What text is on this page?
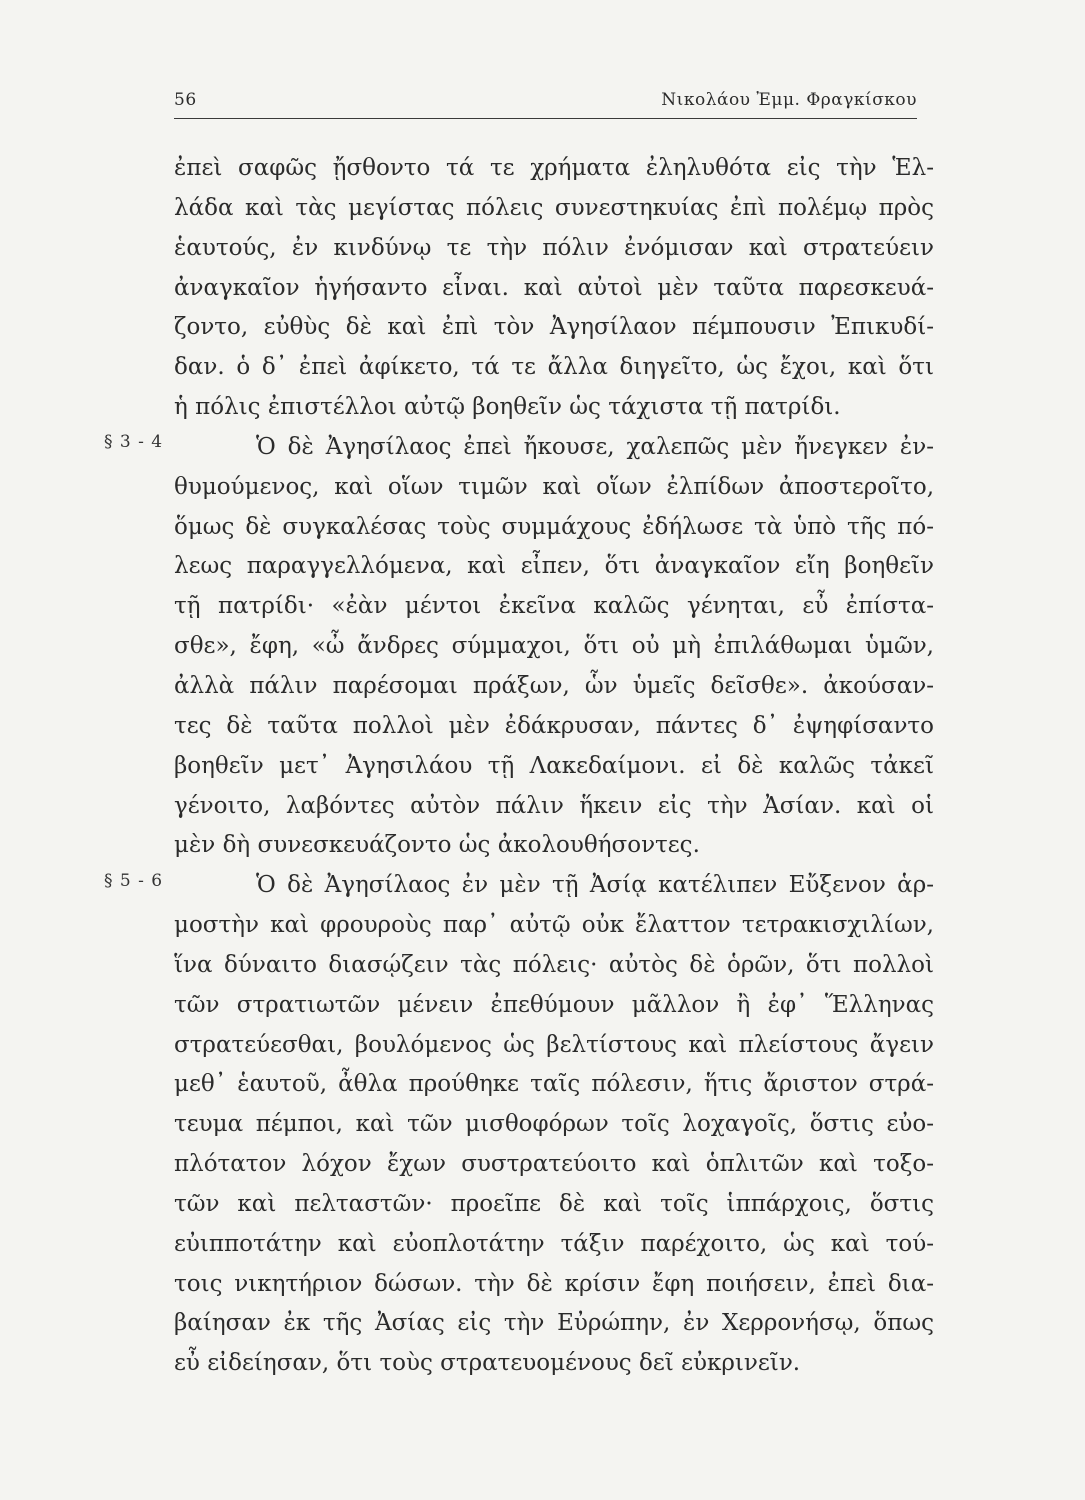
56	Νικολάου Ἐμμ. Φραγκίσκου
§ 3 - 4
§ 5 - 6
ἐπεὶ σαφῶς ᾔσθοντο τά τε χρήματα ἐληλυθότα εἰς τὴν Ἑλ-
λάδα καὶ τὰς μεγίστας πόλεις συνεστηκυίας ἐπὶ πολέμῳ πρὸς
ἑαυτούς, ἐν κινδύνῳ τε τὴν πόλιν ἐνόμισαν καὶ στρατεύειν
ἀναγκαῖον ἡγήσαντο εἶναι. καὶ αὐτοὶ μὲν ταῦτα παρεσκευά-
ζοντο, εὐθὺς δὲ καὶ ἐπὶ τὸν Ἀγησίλαον πέμπουσιν Ἐπικυδί-
δαν. ὁ δ᾽ ἐπεὶ ἀφίκετο, τά τε ἄλλα διηγεῖτο, ὡς ἔχοι, καὶ ὅτι
ἡ πόλις ἐπιστέλλοι αὐτῷ βοηθεῖν ὡς τάχιστα τῇ πατρίδι.
Ὁ δὲ Ἀγησίλαος ἐπεὶ ἤκουσε, χαλεπῶς μὲν ἤνεγκεν ἐν-
θυμούμενος, καὶ οἵων τιμῶν καὶ οἵων ἐλπίδων ἀποστεροῖτο,
ὅμως δὲ συγκαλέσας τοὺς συμμάχους ἐδήλωσε τὰ ὑπὸ τῆς πό-
λεως παραγγελλόμενα, καὶ εἶπεν, ὅτι ἀναγκαῖον εἴη βοηθεῖν
τῇ πατρίδι· «ἐὰν μέντοι ἐκεῖνα καλῶς γένηται, εὖ ἐπίστα-
σθε», ἔφη, «ὦ ἄνδρες σύμμαχοι, ὅτι οὐ μὴ ἐπιλάθωμαι ὑμῶν,
ἀλλὰ πάλιν παρέσομαι πράξων, ὧν ὑμεῖς δεῖσθε». ἀκούσαν-
τες δὲ ταῦτα πολλοὶ μὲν ἐδάκρυσαν, πάντες δ᾽ ἐψηφίσαντο
βοηθεῖν μετ᾽ Ἀγησιλάου τῇ Λακεδαίμονι. εἰ δὲ καλῶς τἀκεῖ
γένοιτο, λαβόντες αὐτὸν πάλιν ἥκειν εἰς τὴν Ἀσίαν. καὶ οἱ
μὲν δὴ συνεσκευάζοντο ὡς ἀκολουθήσοντες.
Ὁ δὲ Ἀγησίλαος ἐν μὲν τῇ Ἀσίᾳ κατέλιπεν Εὔξενον ἁρ-
μοστὴν καὶ φρουροὺς παρ᾽ αὐτῷ οὐκ ἔλαττον τετρακισχιλίων,
ἵνα δύναιτο διασῴζειν τὰς πόλεις· αὐτὸς δὲ ὁρῶν, ὅτι πολλοὶ
τῶν στρατιωτῶν μένειν ἐπεθύμουν μᾶλλον ἢ ἐφ᾽ Ἕλληνας
στρατεύεσθαι, βουλόμενος ὡς βελτίστους καὶ πλείστους ἄγειν
μεθ᾽ ἑαυτοῦ, ἆθλα προύθηκε ταῖς πόλεσιν, ἥτις ἄριστον στρά-
τευμα πέμποι, καὶ τῶν μισθοφόρων τοῖς λοχαγοῖς, ὅστις εὐο-
πλότατον λόχον ἔχων συστρατεύοιτο καὶ ὁπλιτῶν καὶ τοξο-
τῶν καὶ πελταστῶν· προεῖπε δὲ καὶ τοῖς ἱππάρχοις, ὅστις
εὐιπποτάτην καὶ εὐοπλοτάτην τάξιν παρέχοιτο, ὡς καὶ τού-
τοις νικητήριον δώσων. τὴν δὲ κρίσιν ἔφη ποιήσειν, ἐπεὶ δια-
βαίησαν ἐκ τῆς Ἀσίας εἰς τὴν Εὐρώπην, ἐν Χερρονήσῳ, ὅπως
εὖ εἰδείησαν, ὅτι τοὺς στρατευομένους δεῖ εὐκρινεῖν.
